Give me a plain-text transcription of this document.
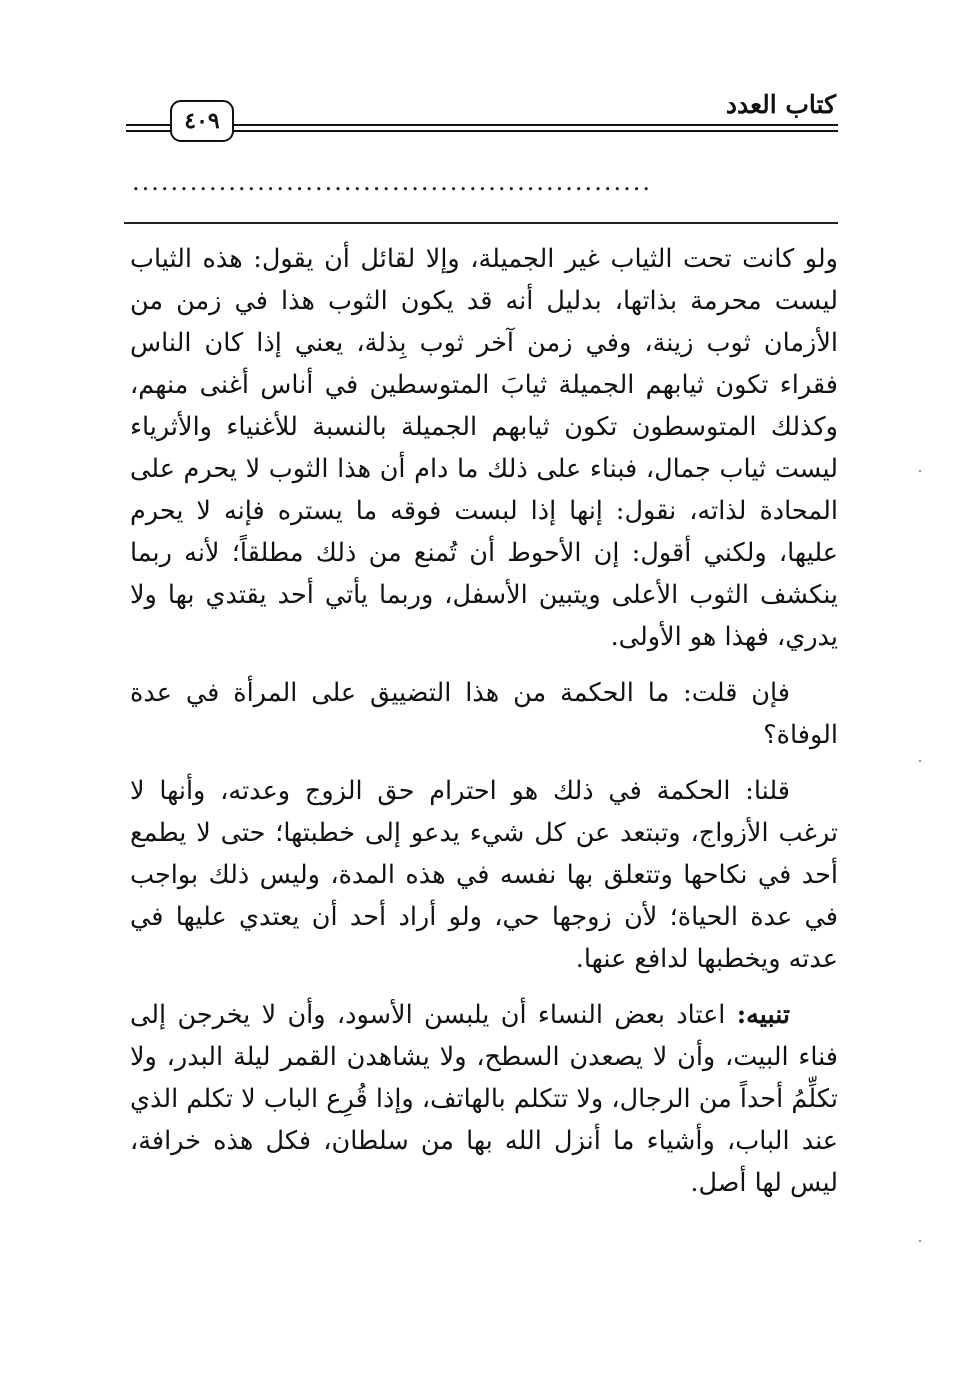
كتاب العدد
٤٠٩
......................................................

ولو كانت تحت الثياب غير الجميلة، وإلا لقائل أن يقول: هذه الثياب ليست محرمة بذاتها، بدليل أنه قد يكون الثوب هذا في زمن من الأزمان ثوب زينة، وفي زمن آخر ثوب بِذلة، يعني إذا كان الناس فقراء تكون ثيابهم الجميلة ثيابَ المتوسطين في أناس أغنى منهم، وكذلك المتوسطون تكون ثيابهم الجميلة بالنسبة للأغنياء والأثرياء ليست ثياب جمال، فبناء على ذلك ما دام أن هذا الثوب لا يحرم على المحادة لذاته، نقول: إنها إذا لبست فوقه ما يستره فإنه لا يحرم عليها، ولكني أقول: إن الأحوط أن تُمنع من ذلك مطلقاً؛ لأنه ربما ينكشف الثوب الأعلى ويتبين الأسفل، وربما يأتي أحد يقتدي بها ولا يدري، فهذا هو الأولى.

فإن قلت: ما الحكمة من هذا التضييق على المرأة في عدة الوفاة؟

قلنا: الحكمة في ذلك هو احترام حق الزوج وعدته، وأنها لا ترغب الأزواج، وتبتعد عن كل شيء يدعو إلى خطبتها؛ حتى لا يطمع أحد في نكاحها وتتعلق بها نفسه في هذه المدة، وليس ذلك بواجب في عدة الحياة؛ لأن زوجها حي، ولو أراد أحد أن يعتدي عليها في عدته ويخطبها لدافع عنها.

تنبيه: اعتاد بعض النساء أن يلبسن الأسود، وأن لا يخرجن إلى فناء البيت، وأن لا يصعدن السطح، ولا يشاهدن القمر ليلة البدر، ولا تكلِّمُ أحداً من الرجال، ولا تتكلم بالهاتف، وإذا قُرِع الباب لا تكلم الذي عند الباب، وأشياء ما أنزل الله بها من سلطان، فكل هذه خرافة، ليس لها أصل.
